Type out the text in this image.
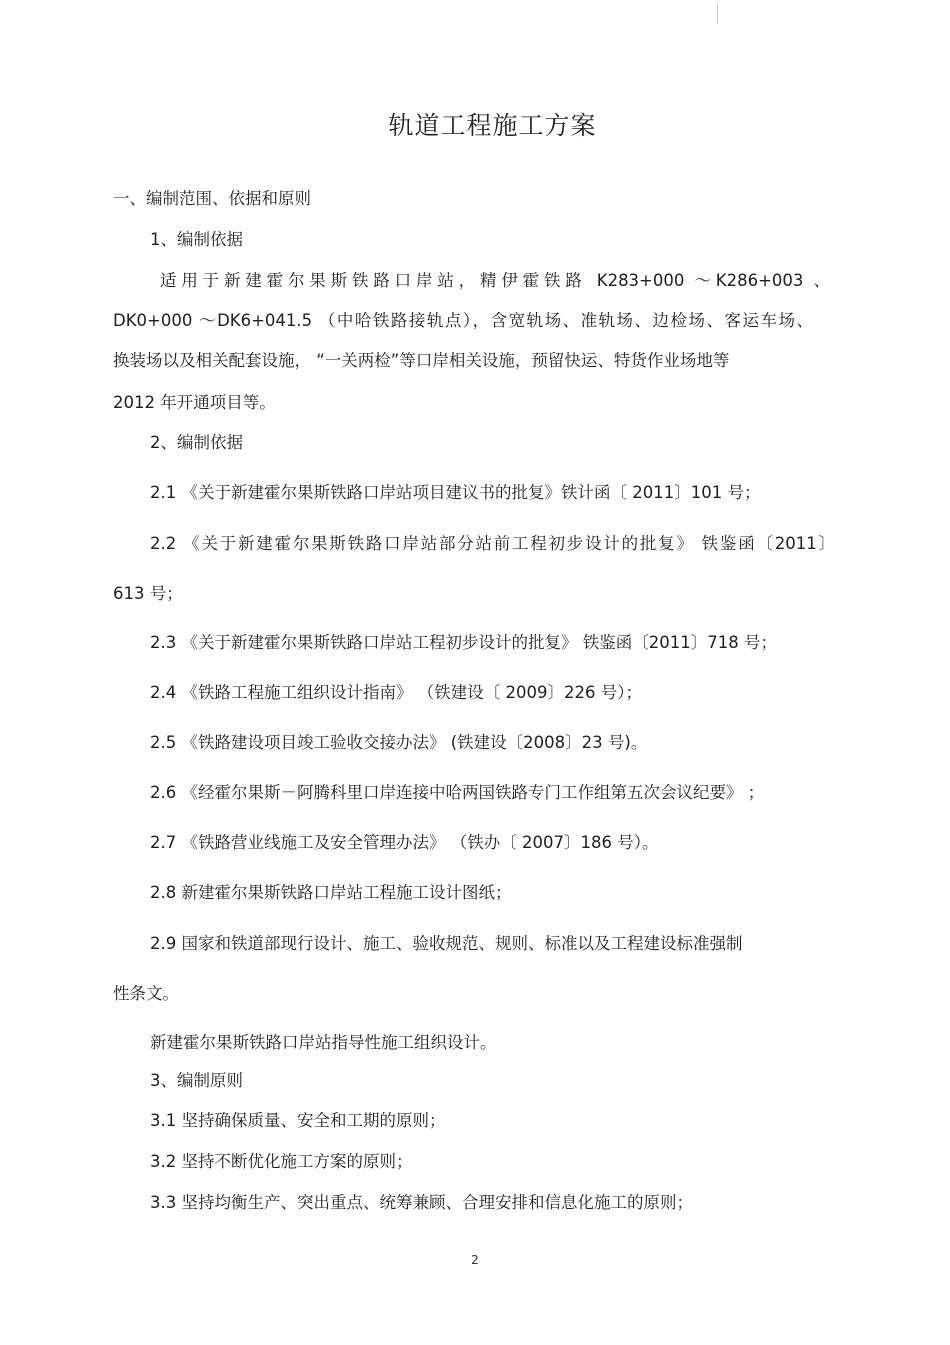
轨道工程施工方案
一、编制范围、依据和原则
1、编制依据
适用于新建霍尔果斯铁路口岸站，精伊霍铁路 K283+000 ～K286+003 、
DK0+000 ～DK6+041.5 （中哈铁路接轨点），含宽轨场、准轨场、边检场、客运车场、
换装场以及相关配套设施， “一关两检”等口岸相关设施，预留快运、特货作业场地等
2012 年开通项目等。
2、编制依据
2.1 《关于新建霍尔果斯铁路口岸站项目建议书的批复》铁计函〔 2011〕101 号；
2.2 《关于新建霍尔果斯铁路口岸站部分站前工程初步设计的批复》 铁鉴函〔2011〕
613 号；
2.3 《关于新建霍尔果斯铁路口岸站工程初步设计的批复》 铁鉴函〔2011〕718 号；
2.4 《铁路工程施工组织设计指南》 （铁建设〔 2009〕226 号）；
2.5 《铁路建设项目竣工验收交接办法》 (铁建设〔2008〕23 号)。
2.6 《经霍尔果斯－阿腾科里口岸连接中哈两国铁路专门工作组第五次会议纪要》 ；
2.7 《铁路营业线施工及安全管理办法》 （铁办〔 2007〕186 号）。
2.8 新建霍尔果斯铁路口岸站工程施工设计图纸；
2.9 国家和铁道部现行设计、施工、验收规范、规则、标准以及工程建设标准强制
性条文。
新建霍尔果斯铁路口岸站指导性施工组织设计。
3、编制原则
3.1 坚持确保质量、安全和工期的原则；
3.2 坚持不断优化施工方案的原则；
3.3 坚持均衡生产、突出重点、统筹兼顾、合理安排和信息化施工的原则；
2
